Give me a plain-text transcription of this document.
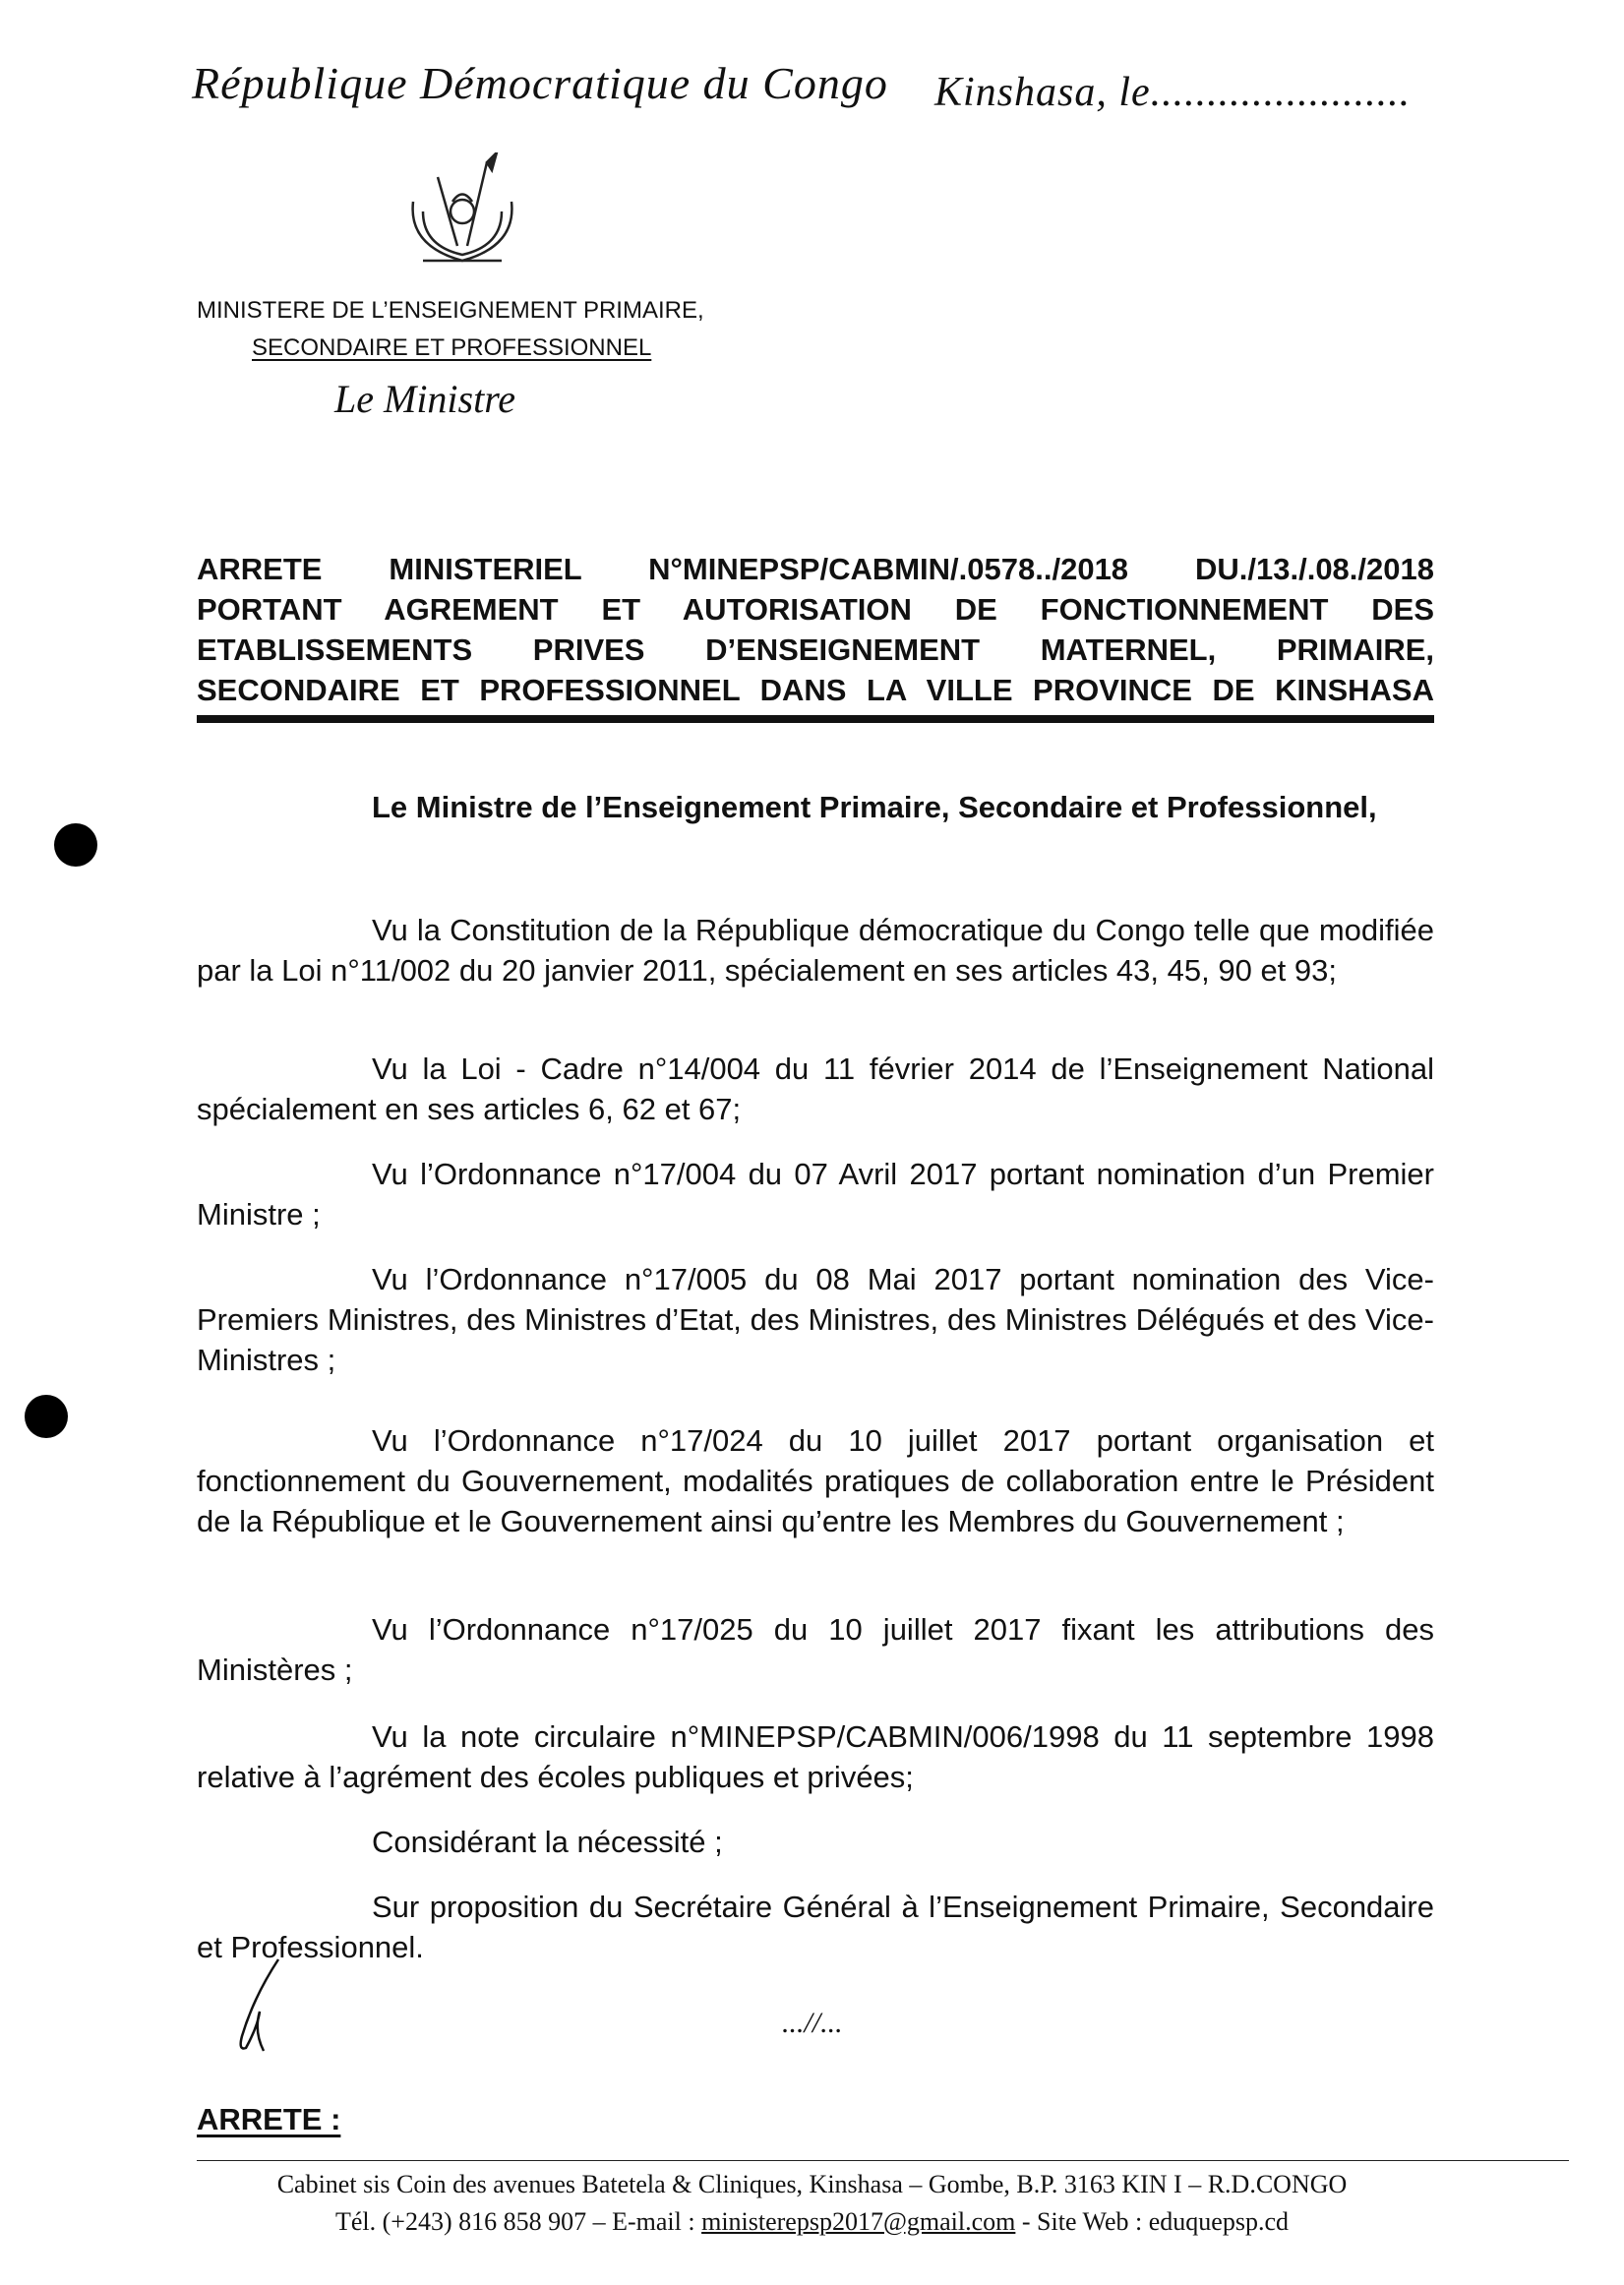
République Démocratique du Congo Kinshasa, le.......................
MINISTERE DE L’ENSEIGNEMENT PRIMAIRE,
SECONDAIRE ET PROFESSIONNEL
Le Ministre
ARRETE MINISTERIEL N°MINEPSP/CABMIN/.0578../2018 DU./13./.08./2018
PORTANT AGREMENT ET AUTORISATION DE FONCTIONNEMENT DES
ETABLISSEMENTS PRIVES D’ENSEIGNEMENT MATERNEL, PRIMAIRE,
SECONDAIRE ET PROFESSIONNEL DANS LA VILLE PROVINCE DE KINSHASA
Le Ministre de l’Enseignement Primaire, Secondaire et Professionnel,
Vu la Constitution de la République démocratique du Congo telle que modifiée par la Loi n°11/002 du 20 janvier 2011, spécialement en ses articles 43, 45, 90 et 93;
Vu la Loi - Cadre n°14/004 du 11 février 2014 de l’Enseignement National spécialement en ses articles 6, 62 et 67;
Vu l’Ordonnance n°17/004 du 07 Avril 2017 portant nomination d’un Premier Ministre ;
Vu l’Ordonnance n°17/005 du 08 Mai 2017 portant nomination des Vice-Premiers Ministres, des Ministres d’Etat, des Ministres, des Ministres Délégués et des Vice-Ministres ;
Vu l’Ordonnance n°17/024 du 10 juillet 2017 portant organisation et fonctionnement du Gouvernement, modalités pratiques de collaboration entre le Président de la République et le Gouvernement ainsi qu’entre les Membres du Gouvernement ;
Vu l’Ordonnance n°17/025 du 10 juillet 2017 fixant les attributions des Ministères ;
Vu la note circulaire n°MINEPSP/CABMIN/006/1998 du 11 septembre 1998 relative à l’agrément des écoles publiques et privées;
Considérant la nécessité ;
Sur proposition du Secrétaire Général à l’Enseignement Primaire, Secondaire et Professionnel.
...//...
ARRETE :
Cabinet sis Coin des avenues Batetela & Cliniques, Kinshasa – Gombe, B.P. 3163 KIN I – R.D.CONGO
Tél. (+243) 816 858 907 – E-mail : ministerepsp2017@gmail.com - Site Web : eduquepsp.cd
